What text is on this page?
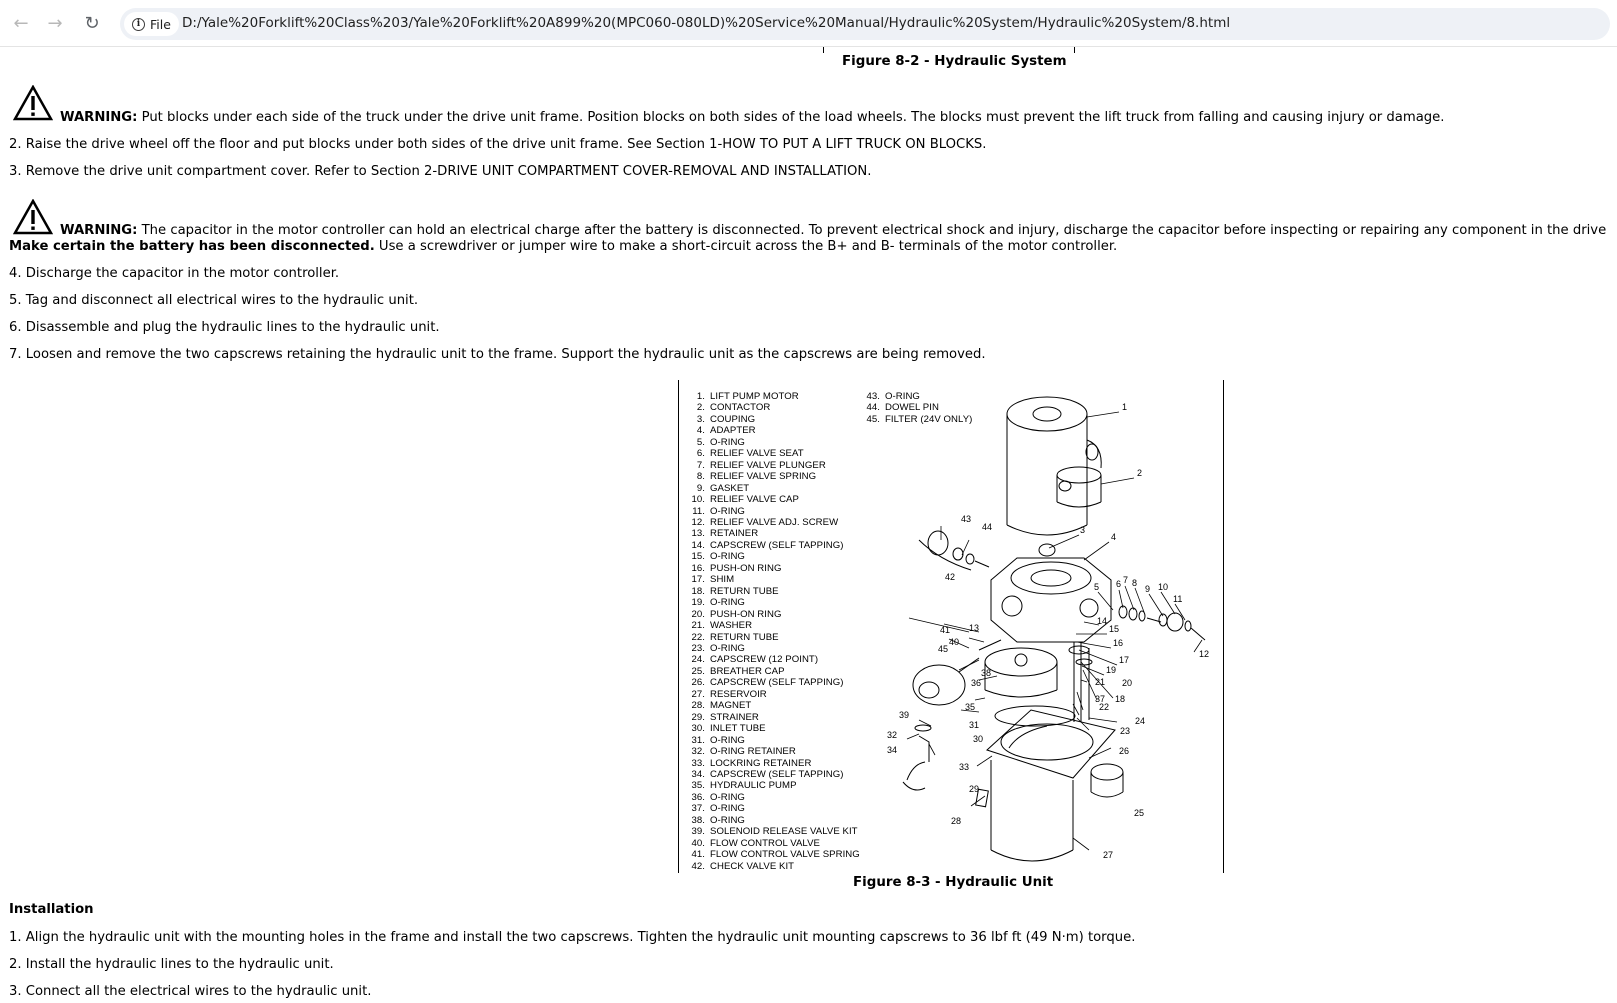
←	→	↻	i File D:/Yale%20Forklift%20Class%203/Yale%20Forklift%20A899%20(MPC060-080LD)%20Service%20Manual/Hydraulic%20System/Hydraulic%20System/8.html
Figure 8-2 - Hydraulic System
WARNING: Put blocks under each side of the truck under the drive unit frame. Position blocks on both sides of the load wheels. The blocks must prevent the lift truck from falling and causing injury or damage.
2. Raise the drive wheel off the floor and put blocks under both sides of the drive unit frame. See Section 1-HOW TO PUT A LIFT TRUCK ON BLOCKS.
3. Remove the drive unit compartment cover. Refer to Section 2-DRIVE UNIT COMPARTMENT COVER-REMOVAL AND INSTALLATION.
WARNING: The capacitor in the motor controller can hold an electrical charge after the battery is disconnected. To prevent electrical shock and injury, discharge the capacitor before inspecting or repairing any component in the drive
Make certain the battery has been disconnected. Use a screwdriver or jumper wire to make a short-circuit across the B+ and B- terminals of the motor controller.
4. Discharge the capacitor in the motor controller.
5. Tag and disconnect all electrical wires to the hydraulic unit.
6. Disassemble and plug the hydraulic lines to the hydraulic unit.
7. Loosen and remove the two capscrews retaining the hydraulic unit to the frame. Support the hydraulic unit as the capscrews are being removed.
Figure 8-3 - Hydraulic Unit
Installation
1. Align the hydraulic unit with the mounting holes in the frame and install the two capscrews. Tighten the hydraulic unit mounting capscrews to 36 lbf ft (49 N·m) torque.
2. Install the hydraulic lines to the hydraulic unit.
3. Connect all the electrical wires to the hydraulic unit.
1. LIFT PUMP MOTOR
2. CONTACTOR
3. COUPING
4. ADAPTER
5. O-RING
6. RELIEF VALVE SEAT
7. RELIEF VALVE PLUNGER
8. RELIEF VALVE SPRING
9. GASKET
10. RELIEF VALVE CAP
11. O-RING
12. RELIEF VALVE ADJ. SCREW
13. RETAINER
14. CAPSCREW (SELF TAPPING)
15. O-RING
16. PUSH-ON RING
17. SHIM
18. RETURN TUBE
19. O-RING
20. PUSH-ON RING
21. WASHER
22. RETURN TUBE
23. O-RING
24. CAPSCREW (12 POINT)
25. BREATHER CAP
26. CAPSCREW (SELF TAPPING)
27. RESERVOIR
28. MAGNET
29. STRAINER
30. INLET TUBE
31. O-RING
32. O-RING RETAINER
33. LOCKRING RETAINER
34. CAPSCREW (SELF TAPPING)
35. HYDRAULIC PUMP
36. O-RING
37. O-RING
38. O-RING
39. SOLENOID RELEASE VALVE KIT
40. FLOW CONTROL VALVE
41. FLOW CONTROL VALVE SPRING
42. CHECK VALVE KIT
43. O-RING
44. DOWEL PIN
45. FILTER (24V ONLY)
1
2
3
4
5 6 7 8
9 10
11
12
13
14
15
16
17
18
19
20
21
22
23
24
25
26
27
28
29
30
31
32
33
34
35
36
37
38
39
40
41
42
43
44
45
